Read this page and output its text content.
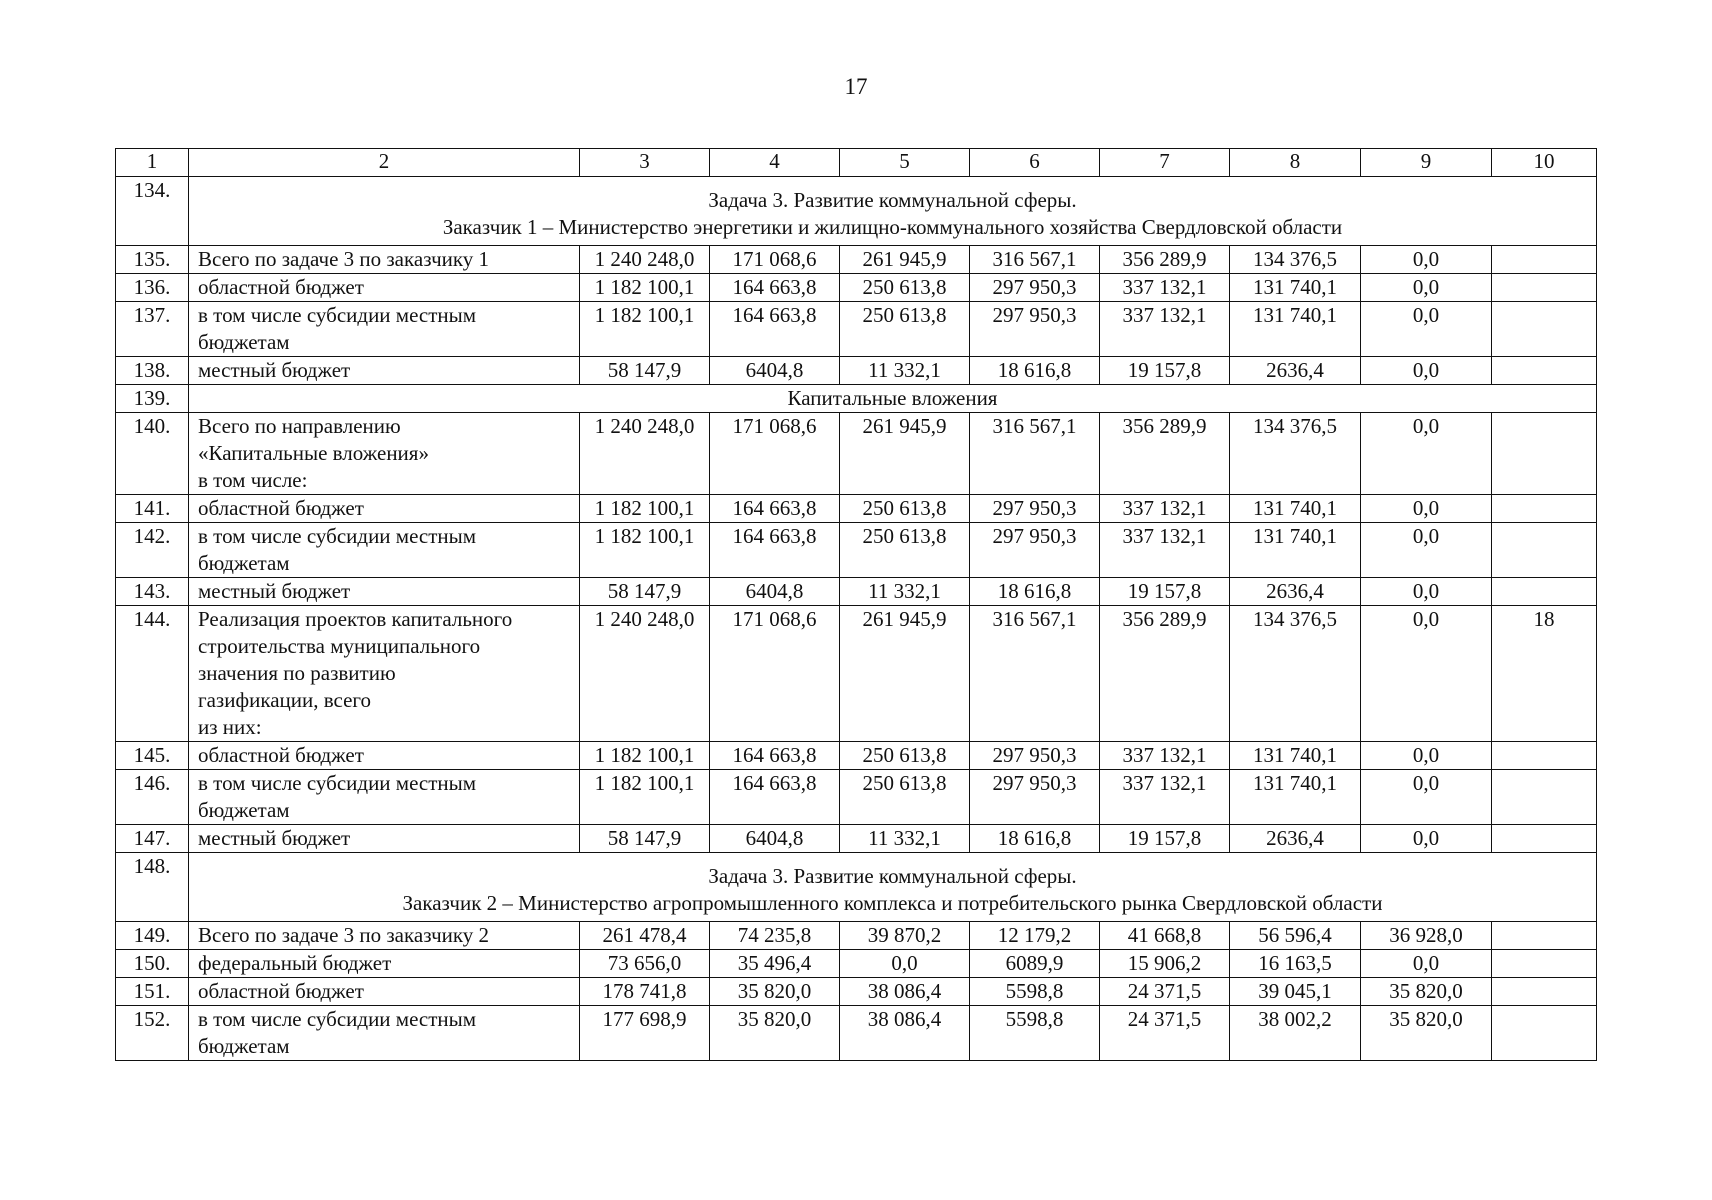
17
1	2	3	4	5	6	7	8	9	10
134.	Задача 3. Развитие коммунальной сферы.
Заказчик 1 – Министерство энергетики и жилищно-коммунального хозяйства Свердловской области								

135.	Всего по задаче 3 по заказчику 1	1 240 248,0	171 068,6	261 945,9	316 567,1	356 289,9	134 376,5	0,0	
136.	областной бюджет	1 182 100,1	164 663,8	250 613,8	297 950,3	337 132,1	131 740,1	0,0	
137.	в том числе субсидии местным
бюджетам	1 182 100,1	164 663,8	250 613,8	297 950,3	337 132,1	131 740,1	0,0	
138.	местный бюджет	58 147,9	6404,8	11 332,1	18 616,8	19 157,8	2636,4	0,0	
139.	Капитальные вложения								

140.	Всего по направлению
«Капитальные вложения»
в том числе:	1 240 248,0	171 068,6	261 945,9	316 567,1	356 289,9	134 376,5	0,0	
141.	областной бюджет	1 182 100,1	164 663,8	250 613,8	297 950,3	337 132,1	131 740,1	0,0	
142.	в том числе субсидии местным
бюджетам	1 182 100,1	164 663,8	250 613,8	297 950,3	337 132,1	131 740,1	0,0	
143.	местный бюджет	58 147,9	6404,8	11 332,1	18 616,8	19 157,8	2636,4	0,0	
144.	Реализация проектов капитального
строительства муниципального
значения по развитию
газификации, всего
из них:	1 240 248,0	171 068,6	261 945,9	316 567,1	356 289,9	134 376,5	0,0	18
145.	областной бюджет	1 182 100,1	164 663,8	250 613,8	297 950,3	337 132,1	131 740,1	0,0	
146.	в том числе субсидии местным
бюджетам	1 182 100,1	164 663,8	250 613,8	297 950,3	337 132,1	131 740,1	0,0	
147.	местный бюджет	58 147,9	6404,8	11 332,1	18 616,8	19 157,8	2636,4	0,0	
148.	Задача 3. Развитие коммунальной сферы.
Заказчик 2 – Министерство агропромышленного комплекса и потребительского рынка Свердловской области								

149.	Всего по задаче 3 по заказчику 2	261 478,4	74 235,8	39 870,2	12 179,2	41 668,8	56 596,4	36 928,0	
150.	федеральный бюджет	73 656,0	35 496,4	0,0	6089,9	15 906,2	16 163,5	0,0	
151.	областной бюджет	178 741,8	35 820,0	38 086,4	5598,8	24 371,5	39 045,1	35 820,0	
152.	в том числе субсидии местным
бюджетам	177 698,9	35 820,0	38 086,4	5598,8	24 371,5	38 002,2	35 820,0	
